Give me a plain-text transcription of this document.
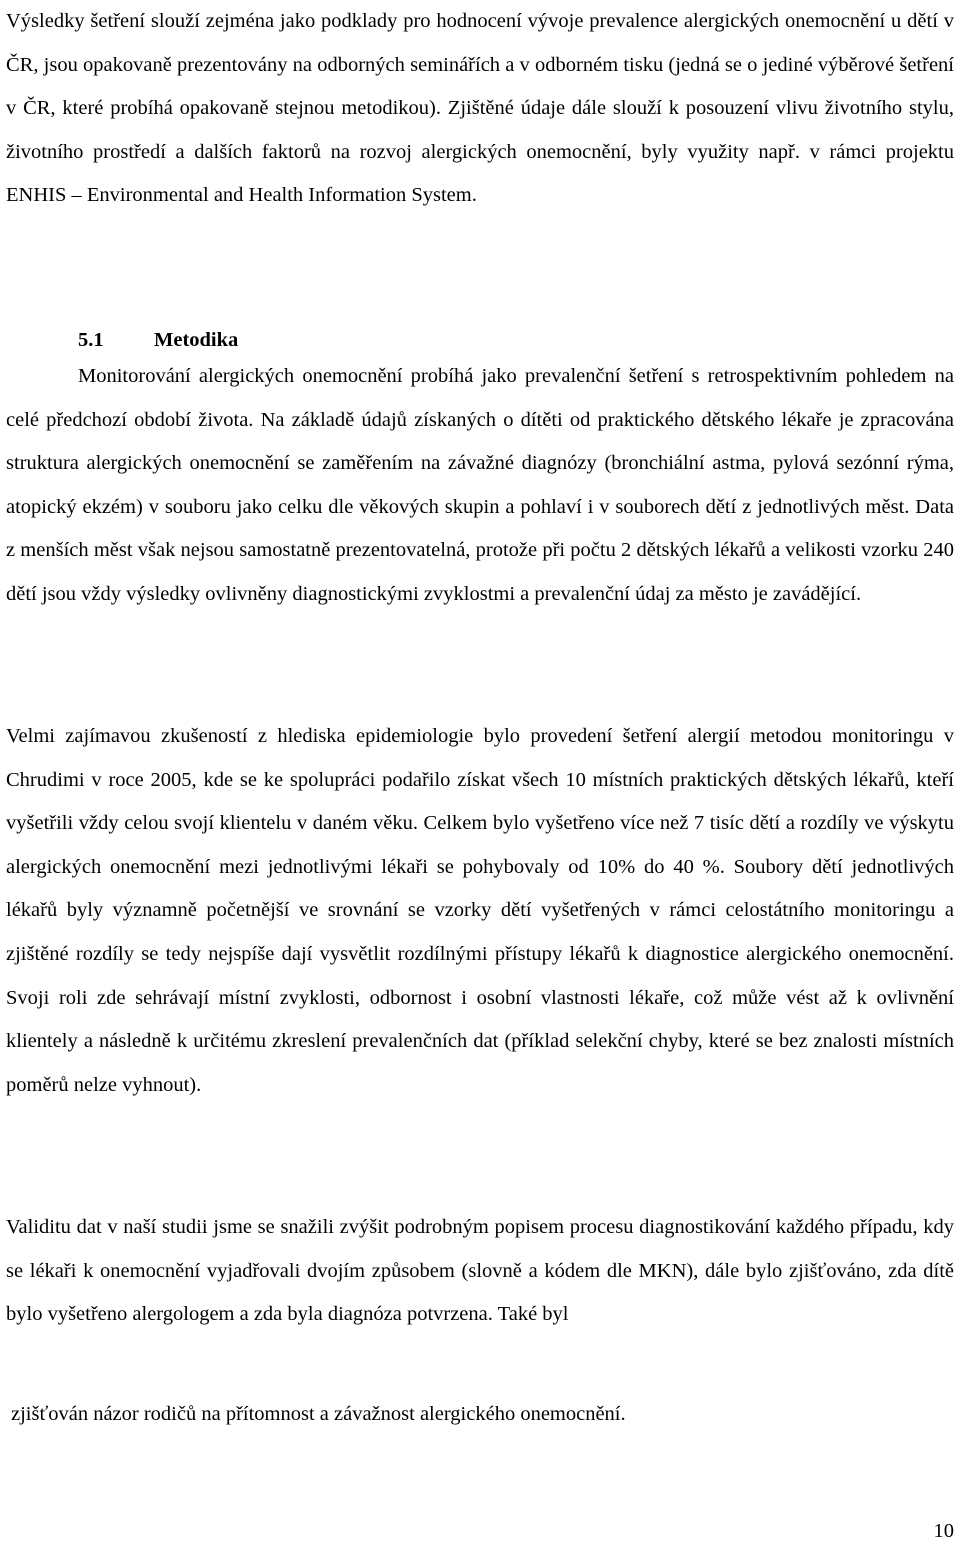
Výsledky šetření slouží zejména jako podklady pro hodnocení vývoje prevalence alergických onemocnění u dětí v ČR, jsou opakovaně prezentovány na odborných seminářích a v odborném tisku (jedná se o jediné výběrové šetření v ČR, které probíhá opakovaně stejnou metodikou). Zjištěné údaje dále slouží k posouzení vlivu životního stylu, životního prostředí a dalších faktorů na rozvoj alergických onemocnění, byly využity např. v rámci projektu ENHIS – Environmental and Health Information System.

5.1 Metodika

Monitorování alergických onemocnění probíhá jako prevalenční šetření s retrospektivním pohledem na celé předchozí období života. Na základě údajů získaných o dítěti od praktického dětského lékaře je zpracována struktura alergických onemocnění se zaměřením na závažné diagnózy (bronchiální astma, pylová sezónní rýma, atopický ekzém) v souboru jako celku dle věkových skupin a pohlaví i v souborech dětí z jednotlivých měst. Data z menších měst však nejsou samostatně prezentovatelná, protože při počtu 2 dětských lékařů a velikosti vzorku 240 dětí jsou vždy výsledky ovlivněny diagnostickými zvyklostmi a prevalenční údaj za město je zavádějící.

Velmi zajímavou zkušeností z hlediska epidemiologie bylo provedení šetření alergií metodou monitoringu v Chrudimi v roce 2005, kde se ke spolupráci podařilo získat všech 10 místních praktických dětských lékařů, kteří vyšetřili vždy celou svojí klientelu v daném věku. Celkem bylo vyšetřeno více než 7 tisíc dětí a rozdíly ve výskytu alergických onemocnění mezi jednotlivými lékaři se pohybovaly od 10% do 40 %. Soubory dětí jednotlivých lékařů byly významně početnější ve srovnání se vzorky dětí vyšetřených v rámci celostátního monitoringu a zjištěné rozdíly se tedy nejspíše dají vysvětlit rozdílnými přístupy lékařů k diagnostice alergického onemocnění. Svoji roli zde sehrávají místní zvyklosti, odbornost i osobní vlastnosti lékaře, což může vést až k ovlivnění klientely a následně k určitému zkreslení prevalenčních dat (příklad selekční chyby, které se bez znalosti místních poměrů nelze vyhnout).

Validitu dat v naší studii jsme se snažili zvýšit podrobným popisem procesu diagnostikování každého případu, kdy se lékaři k onemocnění vyjadřovali dvojím způsobem (slovně a kódem dle MKN), dále bylo zjišťováno, zda dítě bylo vyšetřeno alergologem a zda byla diagnóza potvrzena. Také byl

zjišťován názor rodičů na přítomnost a závažnost alergického onemocnění.

10
